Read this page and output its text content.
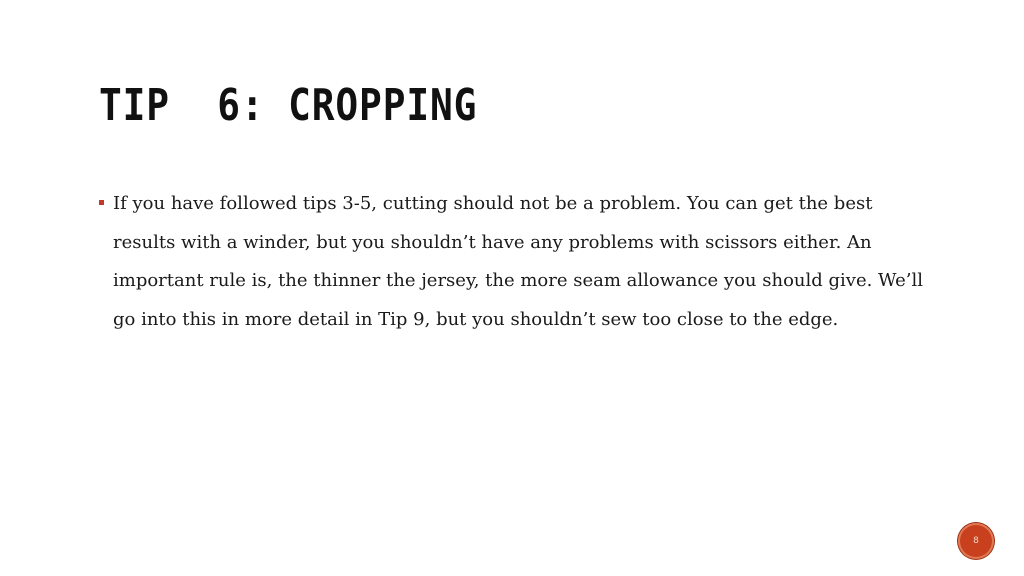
TIP  6: CROPPING
If you have followed tips 3-5, cutting should not be a problem. You can get the best results with a winder, but you shouldn’t have any problems with scissors either. An important rule is, the thinner the jersey, the more seam allowance you should give. We’ll go into this in more detail in Tip 9, but you shouldn’t sew too close to the edge.
8
